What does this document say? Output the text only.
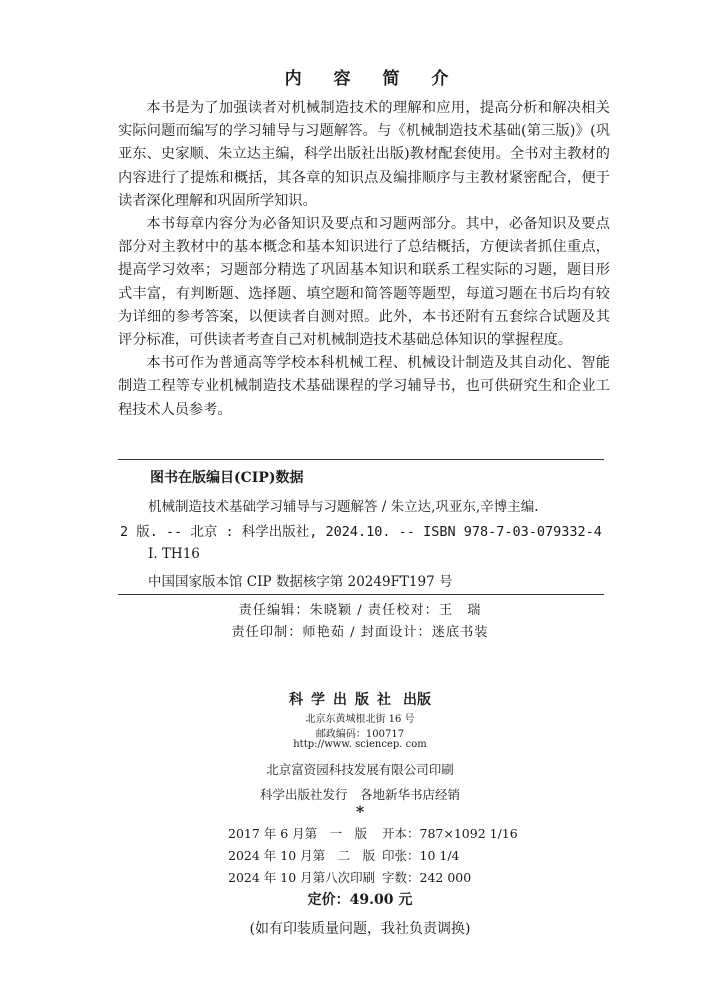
内 容 简 介

本书是为了加强读者对机械制造技术的理解和应用，提高分析和解决相关实际问题而编写的学习辅导与习题解答。与《机械制造技术基础(第三版)》(巩亚东、史家顺、朱立达主编，科学出版社出版)教材配套使用。全书对主教材的内容进行了提炼和概括，其各章的知识点及编排顺序与主教材紧密配合，便于读者深化理解和巩固所学知识。

本书每章内容分为必备知识及要点和习题两部分。其中，必备知识及要点部分对主教材中的基本概念和基本知识进行了总结概括，方便读者抓住重点，提高学习效率；习题部分精选了巩固基本知识和联系工程实际的习题，题目形式丰富，有判断题、选择题、填空题和简答题等题型，每道习题在书后均有较为详细的参考答案，以便读者自测对照。此外，本书还附有五套综合试题及其评分标准，可供读者考查自己对机械制造技术基础总体知识的掌握程度。

本书可作为普通高等学校本科机械工程、机械设计制造及其自动化、智能制造工程等专业机械制造技术基础课程的学习辅导书，也可供研究生和企业工程技术人员参考。

图书在版编目(CIP)数据
机械制造技术基础学习辅导与习题解答 / 朱立达,巩亚东,辛博主编.
2 版. -- 北京 : 科学出版社, 2024.10. -- ISBN 978-7-03-079332-4
Ⅰ. TH16
中国国家版本馆 CIP 数据核字第 20249FT197 号
责任编辑：朱晓颖 / 责任校对：王　瑞
责任印制：师艳茹 / 封面设计：迷底书装
科学出版社 出版
北京东黄城根北街 16 号
邮政编码：100717
http://www. sciencep. com
北京富资园科技发展有限公司印刷
科学出版社发行　各地新华书店经销
*
2017 年 6 月第　一　版 开本：787×1092 1/16
2024 年 10 月第　二　版 印张：10 1/4
2024 年 10 月第八次印刷 字数：242 000
定价：49.00 元
(如有印装质量问题，我社负责调换)
